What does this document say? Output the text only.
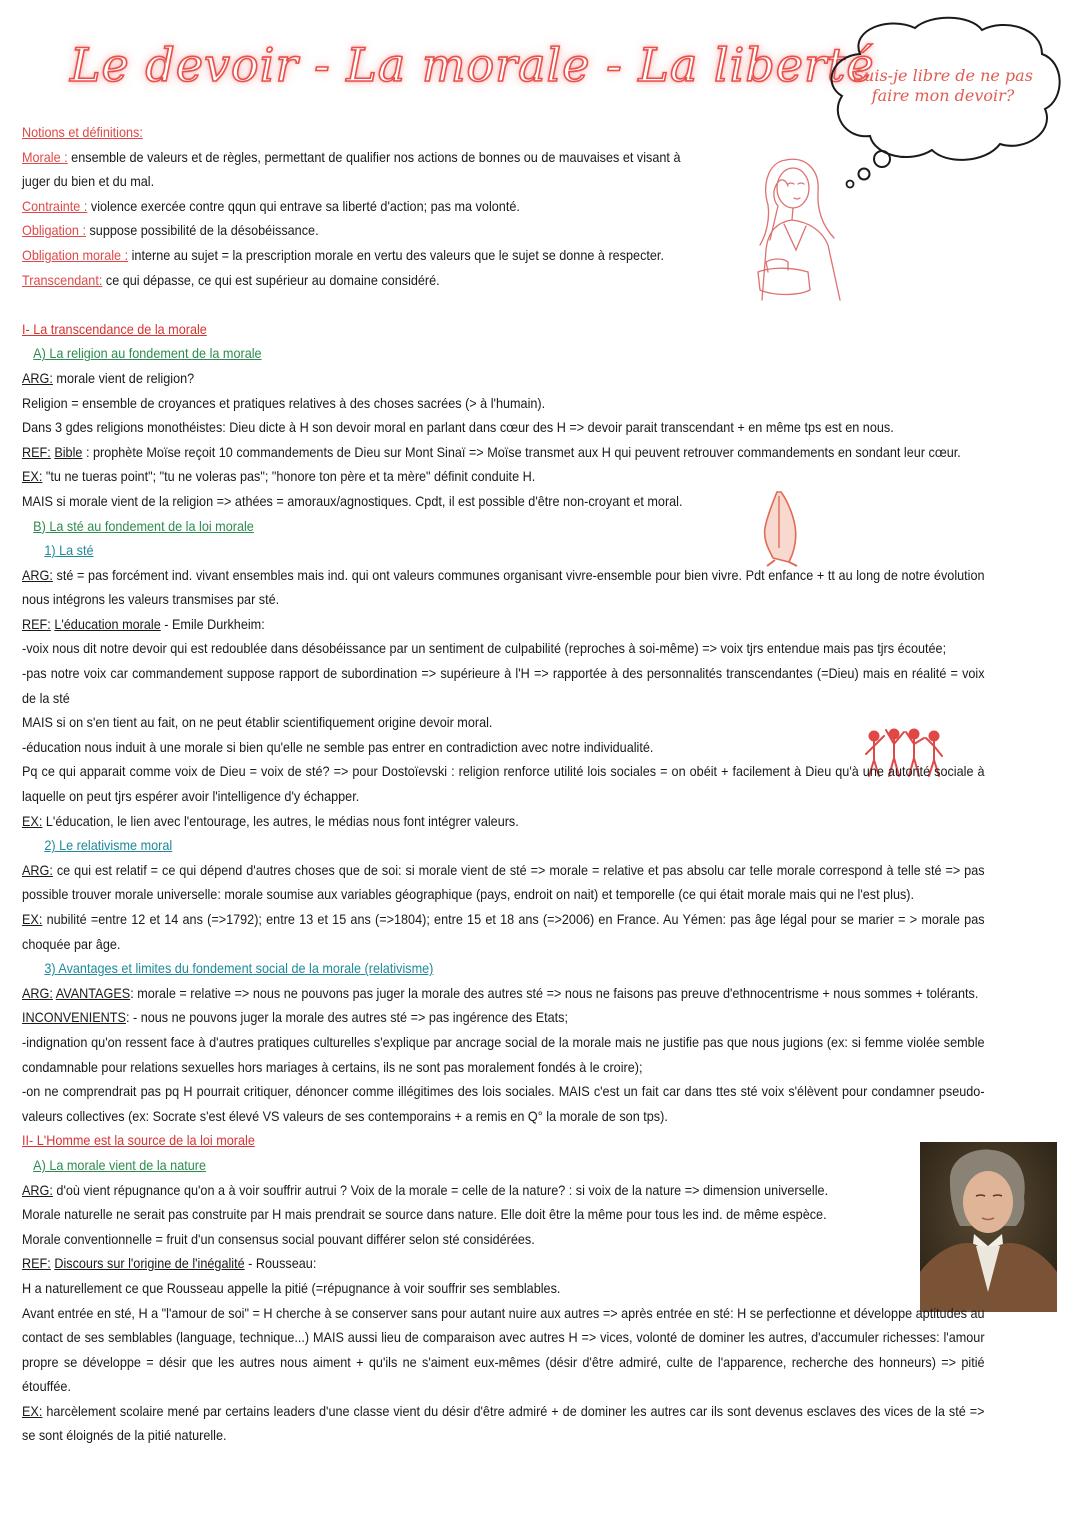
Le devoir - La morale - La liberté
Suis-je libre de ne pas faire mon devoir?

Notions et définitions:

Morale : ensemble de valeurs et de règles, permettant de qualifier nos actions de bonnes ou de mauvaises et visant à juger du bien et du mal.

Contrainte : violence exercée contre qqun qui entrave sa liberté d'action; pas ma volonté.

Obligation : suppose possibilité de la désobéissance.

Obligation morale : interne au sujet = la prescription morale en vertu des valeurs que le sujet se donne à respecter.

Transcendant: ce qui dépasse, ce qui est supérieur au domaine considéré.

I- La transcendance de la morale

A) La religion au fondement de la morale

ARG: morale vient de religion?

Religion = ensemble de croyances et pratiques relatives à des choses sacrées (> à l'humain).

Dans 3 gdes religions monothéistes: Dieu dicte à H son devoir moral en parlant dans cœur des H => devoir parait transcendant + en même tps est en nous.

REF: Bible : prophète Moïse reçoit 10 commandements de Dieu sur Mont Sinaï => Moïse transmet aux H qui peuvent retrouver commandements en sondant leur cœur.

EX: "tu ne tueras point"; "tu ne voleras pas"; "honore ton père et ta mère" définit conduite H.

MAIS si morale vient de la religion => athées = amoraux/agnostiques. Cpdt, il est possible d'être non-croyant et moral.

B) La sté au fondement de la loi morale

1) La sté

ARG: sté = pas forcément ind. vivant ensembles mais ind. qui ont valeurs communes organisant vivre-ensemble pour bien vivre. Pdt enfance + tt au long de notre évolution nous intégrons les valeurs transmises par sté.

REF: L'éducation morale - Emile Durkheim:

-voix nous dit notre devoir qui est redoublée dans désobéissance par un sentiment de culpabilité (reproches à soi-même) => voix tjrs entendue mais pas tjrs écoutée;

-pas notre voix car commandement suppose rapport de subordination => supérieure à l'H => rapportée à des personnalités transcendantes (=Dieu) mais en réalité = voix de la sté

MAIS si on s'en tient au fait, on ne peut établir scientifiquement origine devoir moral.

-éducation nous induit à une morale si bien qu'elle ne semble pas entrer en contradiction avec notre individualité.

Pq ce qui apparait comme voix de Dieu = voix de sté? => pour Dostoïevski : religion renforce utilité lois sociales = on obéit + facilement à Dieu qu'à une autorité sociale à laquelle on peut tjrs espérer avoir l'intelligence d'y échapper.

EX: L'éducation, le lien avec l'entourage, les autres, le médias nous font intégrer valeurs.

2) Le relativisme moral

ARG: ce qui est relatif = ce qui dépend d'autres choses que de soi: si morale vient de sté => morale = relative et pas absolu car telle morale correspond à telle sté => pas possible trouver morale universelle: morale soumise aux variables géographique (pays, endroit on nait) et temporelle (ce qui était morale mais qui ne l'est plus).

EX: nubilité =entre 12 et 14 ans (=>1792); entre 13 et 15 ans (=>1804); entre 15 et 18 ans (=>2006) en France. Au Yémen: pas âge légal pour se marier = > morale pas choquée par âge.

3) Avantages et limites du fondement social de la morale (relativisme)

ARG: AVANTAGES: morale = relative => nous ne pouvons pas juger la morale des autres sté => nous ne faisons pas preuve d'ethnocentrisme + nous sommes + tolérants.

INCONVENIENTS: - nous ne pouvons juger la morale des autres sté => pas ingérence des Etats;

-indignation qu'on ressent face à d'autres pratiques culturelles s'explique par ancrage social de la morale mais ne justifie pas que nous jugions (ex: si femme violée semble condamnable pour relations sexuelles hors mariages à certains, ils ne sont pas moralement fondés à le croire);

-on ne comprendrait pas pq H pourrait critiquer, dénoncer comme illégitimes des lois sociales. MAIS c'est un fait car dans ttes sté voix s'élèvent pour condamner pseudo-valeurs collectives (ex: Socrate s'est élevé VS valeurs de ses contemporains + a remis en Q° la morale de son tps).

II- L'Homme est la source de la loi morale

A) La morale vient de la nature

ARG: d'où vient répugnance qu'on a à voir souffrir autrui ? Voix de la morale = celle de la nature? : si voix de la nature => dimension universelle.

Morale naturelle ne serait pas construite par H mais prendrait se source dans nature. Elle doit être la même pour tous les ind. de même espèce.

Morale conventionnelle = fruit d'un consensus social pouvant différer selon sté considérées.

REF: Discours sur l'origine de l'inégalité - Rousseau:

H a naturellement ce que Rousseau appelle la pitié (=répugnance à voir souffrir ses semblables.

Avant entrée en sté, H a "l'amour de soi" = H cherche à se conserver sans pour autant nuire aux autres => après entrée en sté: H se perfectionne et développe aptitudes au contact de ses semblables (language, technique...) MAIS aussi lieu de comparaison avec autres H => vices, volonté de dominer les autres, d'accumuler richesses: l'amour propre se développe = désir que les autres nous aiment + qu'ils ne s'aiment eux-mêmes (désir d'être admiré, culte de l'apparence, recherche des honneurs) => pitié étouffée.

EX: harcèlement scolaire mené par certains leaders d'une classe vient du désir d'être admiré + de dominer les autres car ils sont devenus esclaves des vices de la sté => se sont éloignés de la pitié naturelle.
